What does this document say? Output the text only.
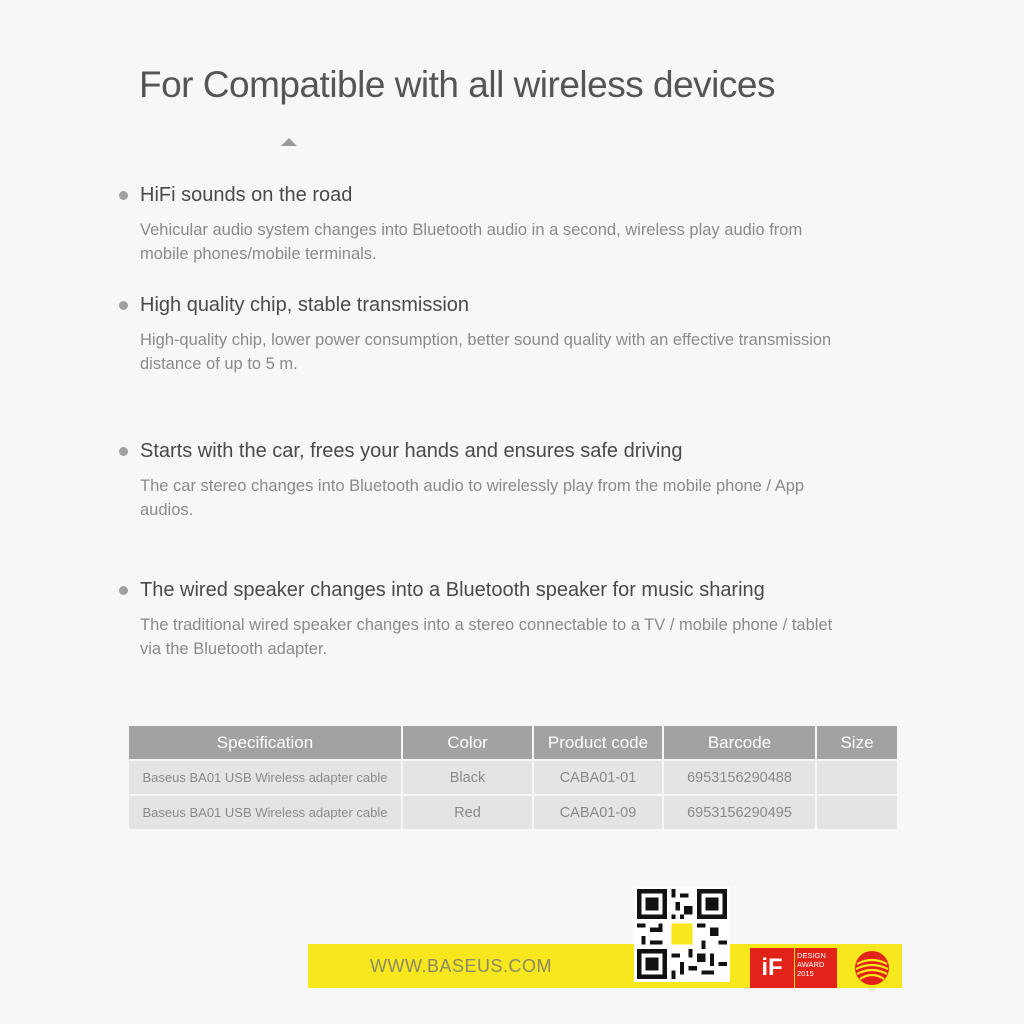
For Compatible with all wireless devices
HiFi sounds on the road

Vehicular audio system changes into Bluetooth audio in a second, wireless play audio from mobile phones/mobile terminals.

High quality chip, stable transmission

High-quality chip, lower power consumption, better sound quality with an effective transmission distance of up to 5 m.

Starts with the car, frees your hands and ensures safe driving

The car stereo changes into Bluetooth audio to wirelessly play from the mobile phone / App audios.

The wired speaker changes into a Bluetooth speaker for music sharing

The traditional wired speaker changes into a stereo connectable to a TV / mobile phone / tablet via the Bluetooth adapter.

Specification	Color	Product code	Barcode	Size
Baseus BA01 USB Wireless adapter cable	Black	CABA01-01	6953156290488	
Baseus BA01 USB Wireless adapter cable	Red	CABA01-09	6953156290495	
WWW.BASEUS.COM	iF DESIGN
AWARD
2015
